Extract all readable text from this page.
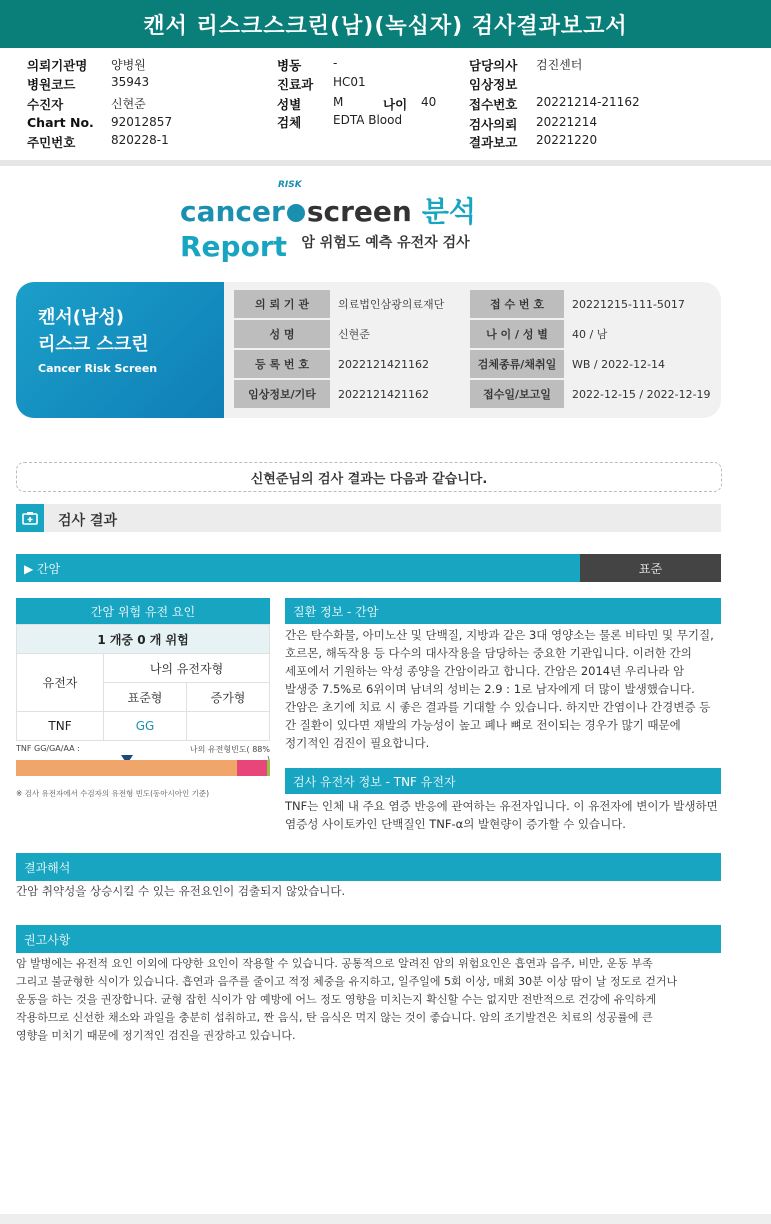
캔서 리스크스크린(남)(녹십자) 검사결과보고서
의뢰기관명 양병원
병원코드	35943
수진자	신현준
Chart No. 92012857
주민번호	820228-1
병동	-
진료과 HC01
성별	M	나이 40
검체	EDTA Blood
담당의사 검진센터
임상정보
접수번호 20221214-21162
검사의뢰 20221214
결과보고 20221220
cancer
RISK
screen 분석 Report	암 위험도 예측 유전자 검사
캔서(남성)
리스크 스크린
Cancer Risk Screen
의 뢰 기 관	의료법인삼광의료재단	접 수 번 호	20221215-111-5017
성 명	신현준	나 이 / 성 별	40 / 남
등 록 번 호	2022121421162	검체종류/채취일	WB / 2022-12-14
임상정보/기타	2022121421162	접수일/보고일	2022-12-15 / 2022-12-19
신현준님의 검사 결과는 다음과 같습니다.
검사 결과
▶ 간암	표준
간암 위험 유전 요인
1 개중 0 개 위험		
유전자	나의 유전자형	
	표준형	증가형
TNF	GG	
TNF GG/GA/AA :	나의 유전형빈도( 88%
※ 검사 유전자에서 수검자의 유전형 빈도(동아시아인 기준)
질환 정보 - 간암
간은 탄수화물, 아미노산 및 단백질, 지방과 같은 3대 영양소는 물론 비타민 및 무기질,
호르몬, 해독작용 등 다수의 대사작용을 담당하는 중요한 기관입니다. 이러한 간의
세포에서 기원하는 악성 종양을 간암이라고 합니다. 간암은 2014년 우리나라 암
발생중 7.5%로 6위이며 남녀의 성비는 2.9 : 1로 남자에게 더 많이 발생했습니다.
간암은 초기에 치료 시 좋은 결과를 기대할 수 있습니다. 하지만 간염이나 간경변증 등
간 질환이 있다면 재발의 가능성이 높고 폐나 뼈로 전이되는 경우가 많기 때문에
정기적인 검진이 필요합니다.
검사 유전자 정보 - TNF 유전자
TNF는 인체 내 주요 염증 반응에 관여하는 유전자입니다. 이 유전자에 변이가 발생하면
염증성 사이토카인 단백질인 TNF-α의 발현량이 증가할 수 있습니다.
결과해석
간암 취약성을 상승시킬 수 있는 유전요인이 검출되지 않았습니다.
권고사항
암 발병에는 유전적 요인 이외에 다양한 요인이 작용할 수 있습니다. 공통적으로 알려진 암의 위험요인은 흡연과 음주, 비만, 운동 부족
그리고 불균형한 식이가 있습니다. 흡연과 음주를 줄이고 적정 체중을 유지하고, 일주일에 5회 이상, 매회 30분 이상 땀이 날 정도로 걷거나
운동을 하는 것을 권장합니다. 균형 잡힌 식이가 암 예방에 어느 정도 영향을 미치는지 확신할 수는 없지만 전반적으로 건강에 유익하게
작용하므로 신선한 채소와 과일을 충분히 섭취하고, 짠 음식, 탄 음식은 먹지 않는 것이 좋습니다. 암의 조기발견은 치료의 성공률에 큰
영향을 미치기 때문에 정기적인 검진을 권장하고 있습니다.
